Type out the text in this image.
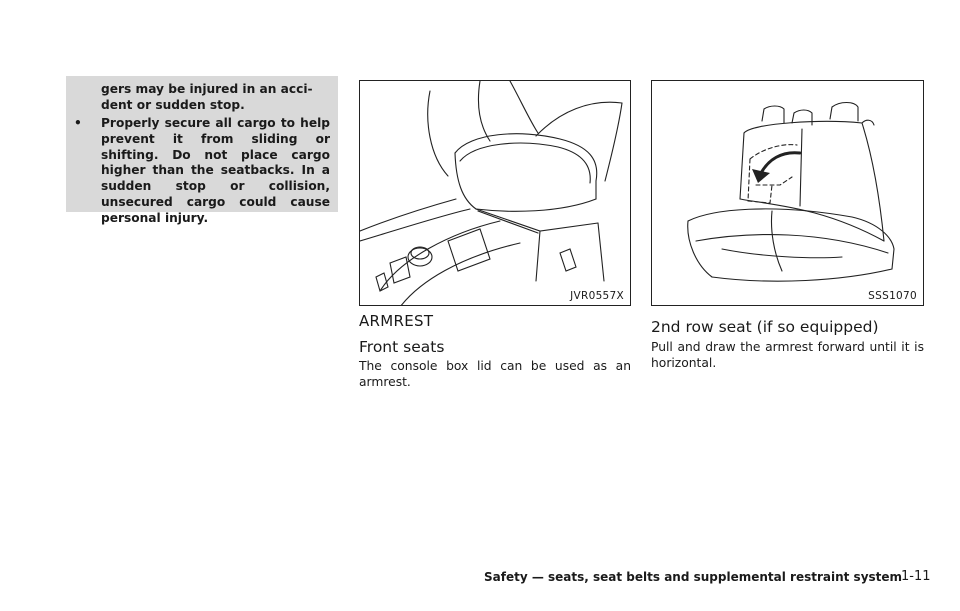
gers may be injured in an acci-dent or sudden stop.

• Properly secure all cargo to help prevent it from sliding or shifting. Do not place cargo higher than the seatbacks. In a sudden stop or collision, unsecured cargo could cause personal injury.
JVR0557X	SSS1070
ARMREST
Front seats

The console box lid can be used as an armrest.

2nd row seat (if so equipped)

Pull and draw the armrest forward until it is horizontal.

Safety — seats, seat belts and supplemental restraint system
1-11
